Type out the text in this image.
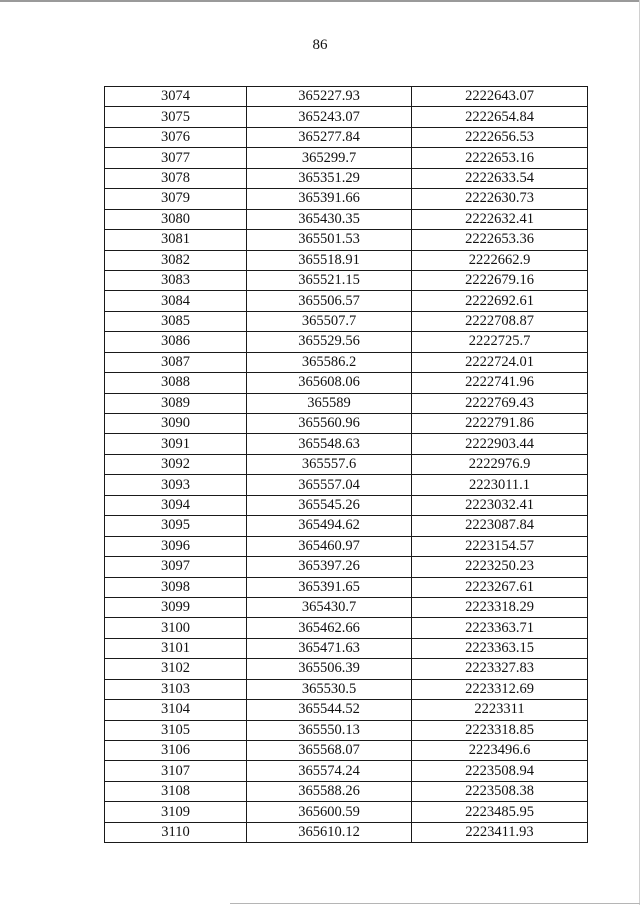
86
3074	365227.93	2222643.07
3075	365243.07	2222654.84
3076	365277.84	2222656.53
3077	365299.7	2222653.16
3078	365351.29	2222633.54
3079	365391.66	2222630.73
3080	365430.35	2222632.41
3081	365501.53	2222653.36
3082	365518.91	2222662.9
3083	365521.15	2222679.16
3084	365506.57	2222692.61
3085	365507.7	2222708.87
3086	365529.56	2222725.7
3087	365586.2	2222724.01
3088	365608.06	2222741.96
3089	365589	2222769.43
3090	365560.96	2222791.86
3091	365548.63	2222903.44
3092	365557.6	2222976.9
3093	365557.04	2223011.1
3094	365545.26	2223032.41
3095	365494.62	2223087.84
3096	365460.97	2223154.57
3097	365397.26	2223250.23
3098	365391.65	2223267.61
3099	365430.7	2223318.29
3100	365462.66	2223363.71
3101	365471.63	2223363.15
3102	365506.39	2223327.83
3103	365530.5	2223312.69
3104	365544.52	2223311
3105	365550.13	2223318.85
3106	365568.07	2223496.6
3107	365574.24	2223508.94
3108	365588.26	2223508.38
3109	365600.59	2223485.95
3110	365610.12	2223411.93
